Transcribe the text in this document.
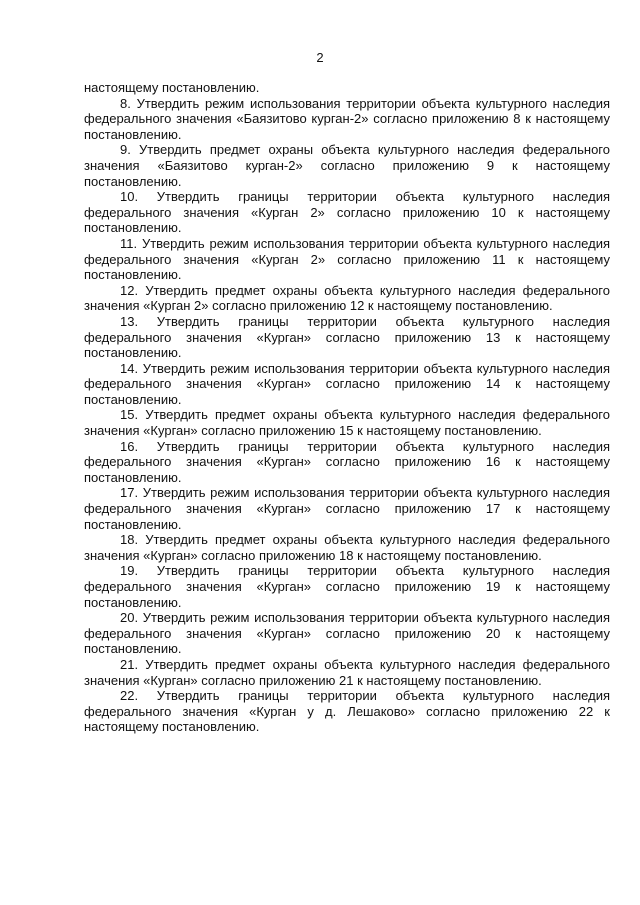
2

настоящему постановлению.

8. Утвердить режим использования территории объекта культурного наследия федерального значения «Баязитово курган-2» согласно приложению 8 к настоящему постановлению.

9. Утвердить предмет охраны объекта культурного наследия федерального значения «Баязитово курган-2» согласно приложению 9 к настоящему постановлению.

10. Утвердить границы территории объекта культурного наследия федерального значения «Курган 2» согласно приложению 10 к настоящему постановлению.

11. Утвердить режим использования территории объекта культурного наследия федерального значения «Курган 2» согласно приложению 11 к настоящему постановлению.

12. Утвердить предмет охраны объекта культурного наследия федерального значения «Курган 2» согласно приложению 12 к настоящему постановлению.

13. Утвердить границы территории объекта культурного наследия федерального значения «Курган» согласно приложению 13 к настоящему постановлению.

14. Утвердить режим использования территории объекта культурного наследия федерального значения «Курган» согласно приложению 14 к настоящему постановлению.

15. Утвердить предмет охраны объекта культурного наследия федерального значения «Курган» согласно приложению 15 к настоящему постановлению.

16. Утвердить границы территории объекта культурного наследия федерального значения «Курган» согласно приложению 16 к настоящему постановлению.

17. Утвердить режим использования территории объекта культурного наследия федерального значения «Курган» согласно приложению 17 к настоящему постановлению.

18. Утвердить предмет охраны объекта культурного наследия федерального значения «Курган» согласно приложению 18 к настоящему постановлению.

19. Утвердить границы территории объекта культурного наследия федерального значения «Курган» согласно приложению 19 к настоящему постановлению.

20. Утвердить режим использования территории объекта культурного наследия федерального значения «Курган» согласно приложению 20 к настоящему постановлению.

21. Утвердить предмет охраны объекта культурного наследия федерального значения «Курган» согласно приложению 21 к настоящему постановлению.

22. Утвердить границы территории объекта культурного наследия федерального значения «Курган у д. Лешаково» согласно приложению 22 к настоящему постановлению.
